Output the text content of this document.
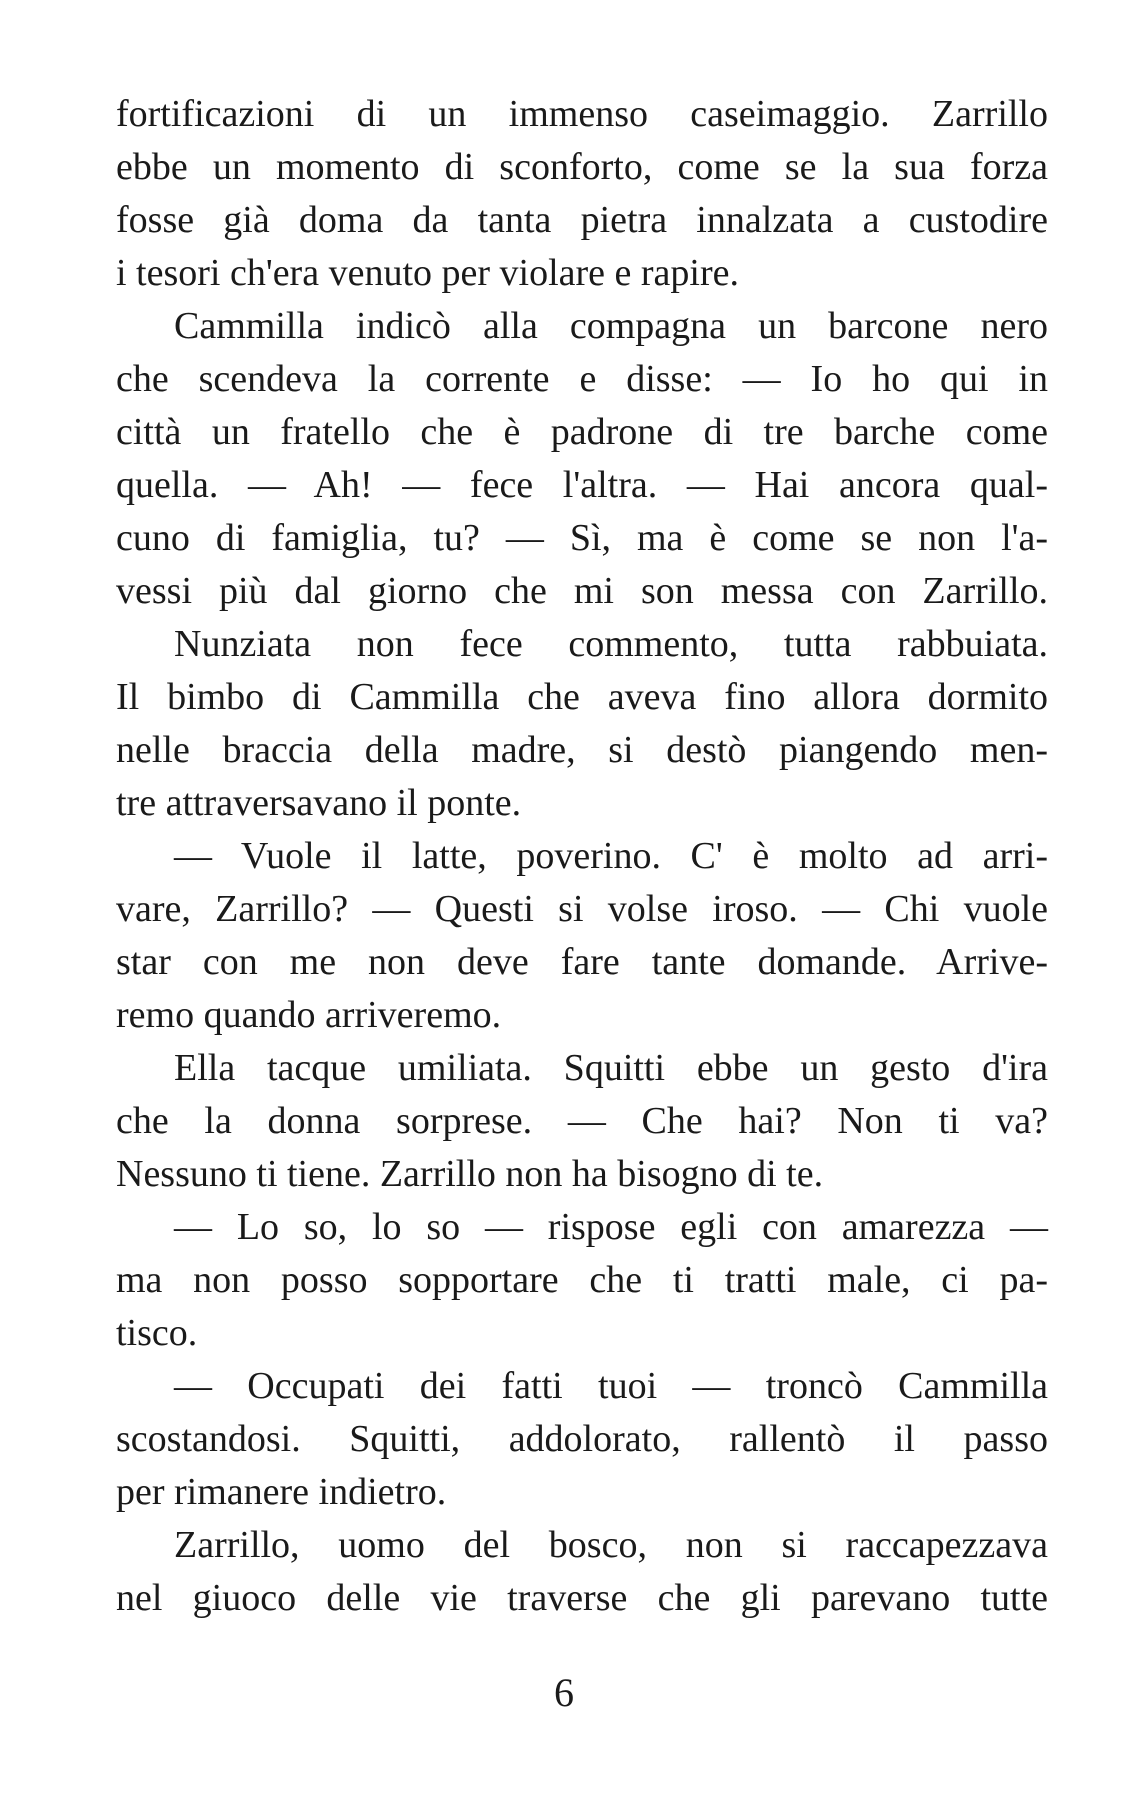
fortificazioni di un immenso caseimaggio. Zarrillo
ebbe un momento di sconforto, come se la sua forza
fosse già doma da tanta pietra innalzata a custodire
i tesori ch'era venuto per violare e rapire.
Cammilla indicò alla compagna un barcone nero
che scendeva la corrente e disse: — Io ho qui in
città un fratello che è padrone di tre barche come
quella. — Ah! — fece l'altra. — Hai ancora qual-
cuno di famiglia, tu? — Sì, ma è come se non l'a-
vessi più dal giorno che mi son messa con Zarrillo.
Nunziata non fece commento, tutta rabbuiata.
Il bimbo di Cammilla che aveva fino allora dormito
nelle braccia della madre, si destò piangendo men-
tre attraversavano il ponte.
— Vuole il latte, poverino. C' è molto ad arri-
vare, Zarrillo? — Questi si volse iroso. — Chi vuole
star con me non deve fare tante domande. Arrive-
remo quando arriveremo.
Ella tacque umiliata. Squitti ebbe un gesto d'ira
che la donna sorprese. — Che hai? Non ti va?
Nessuno ti tiene. Zarrillo non ha bisogno di te.
— Lo so, lo so — rispose egli con amarezza —
ma non posso sopportare che ti tratti male, ci pa-
tisco.
— Occupati dei fatti tuoi — troncò Cammilla
scostandosi. Squitti, addolorato, rallentò il passo
per rimanere indietro.
Zarrillo, uomo del bosco, non si raccapezzava
nel giuoco delle vie traverse che gli parevano tutte
6
